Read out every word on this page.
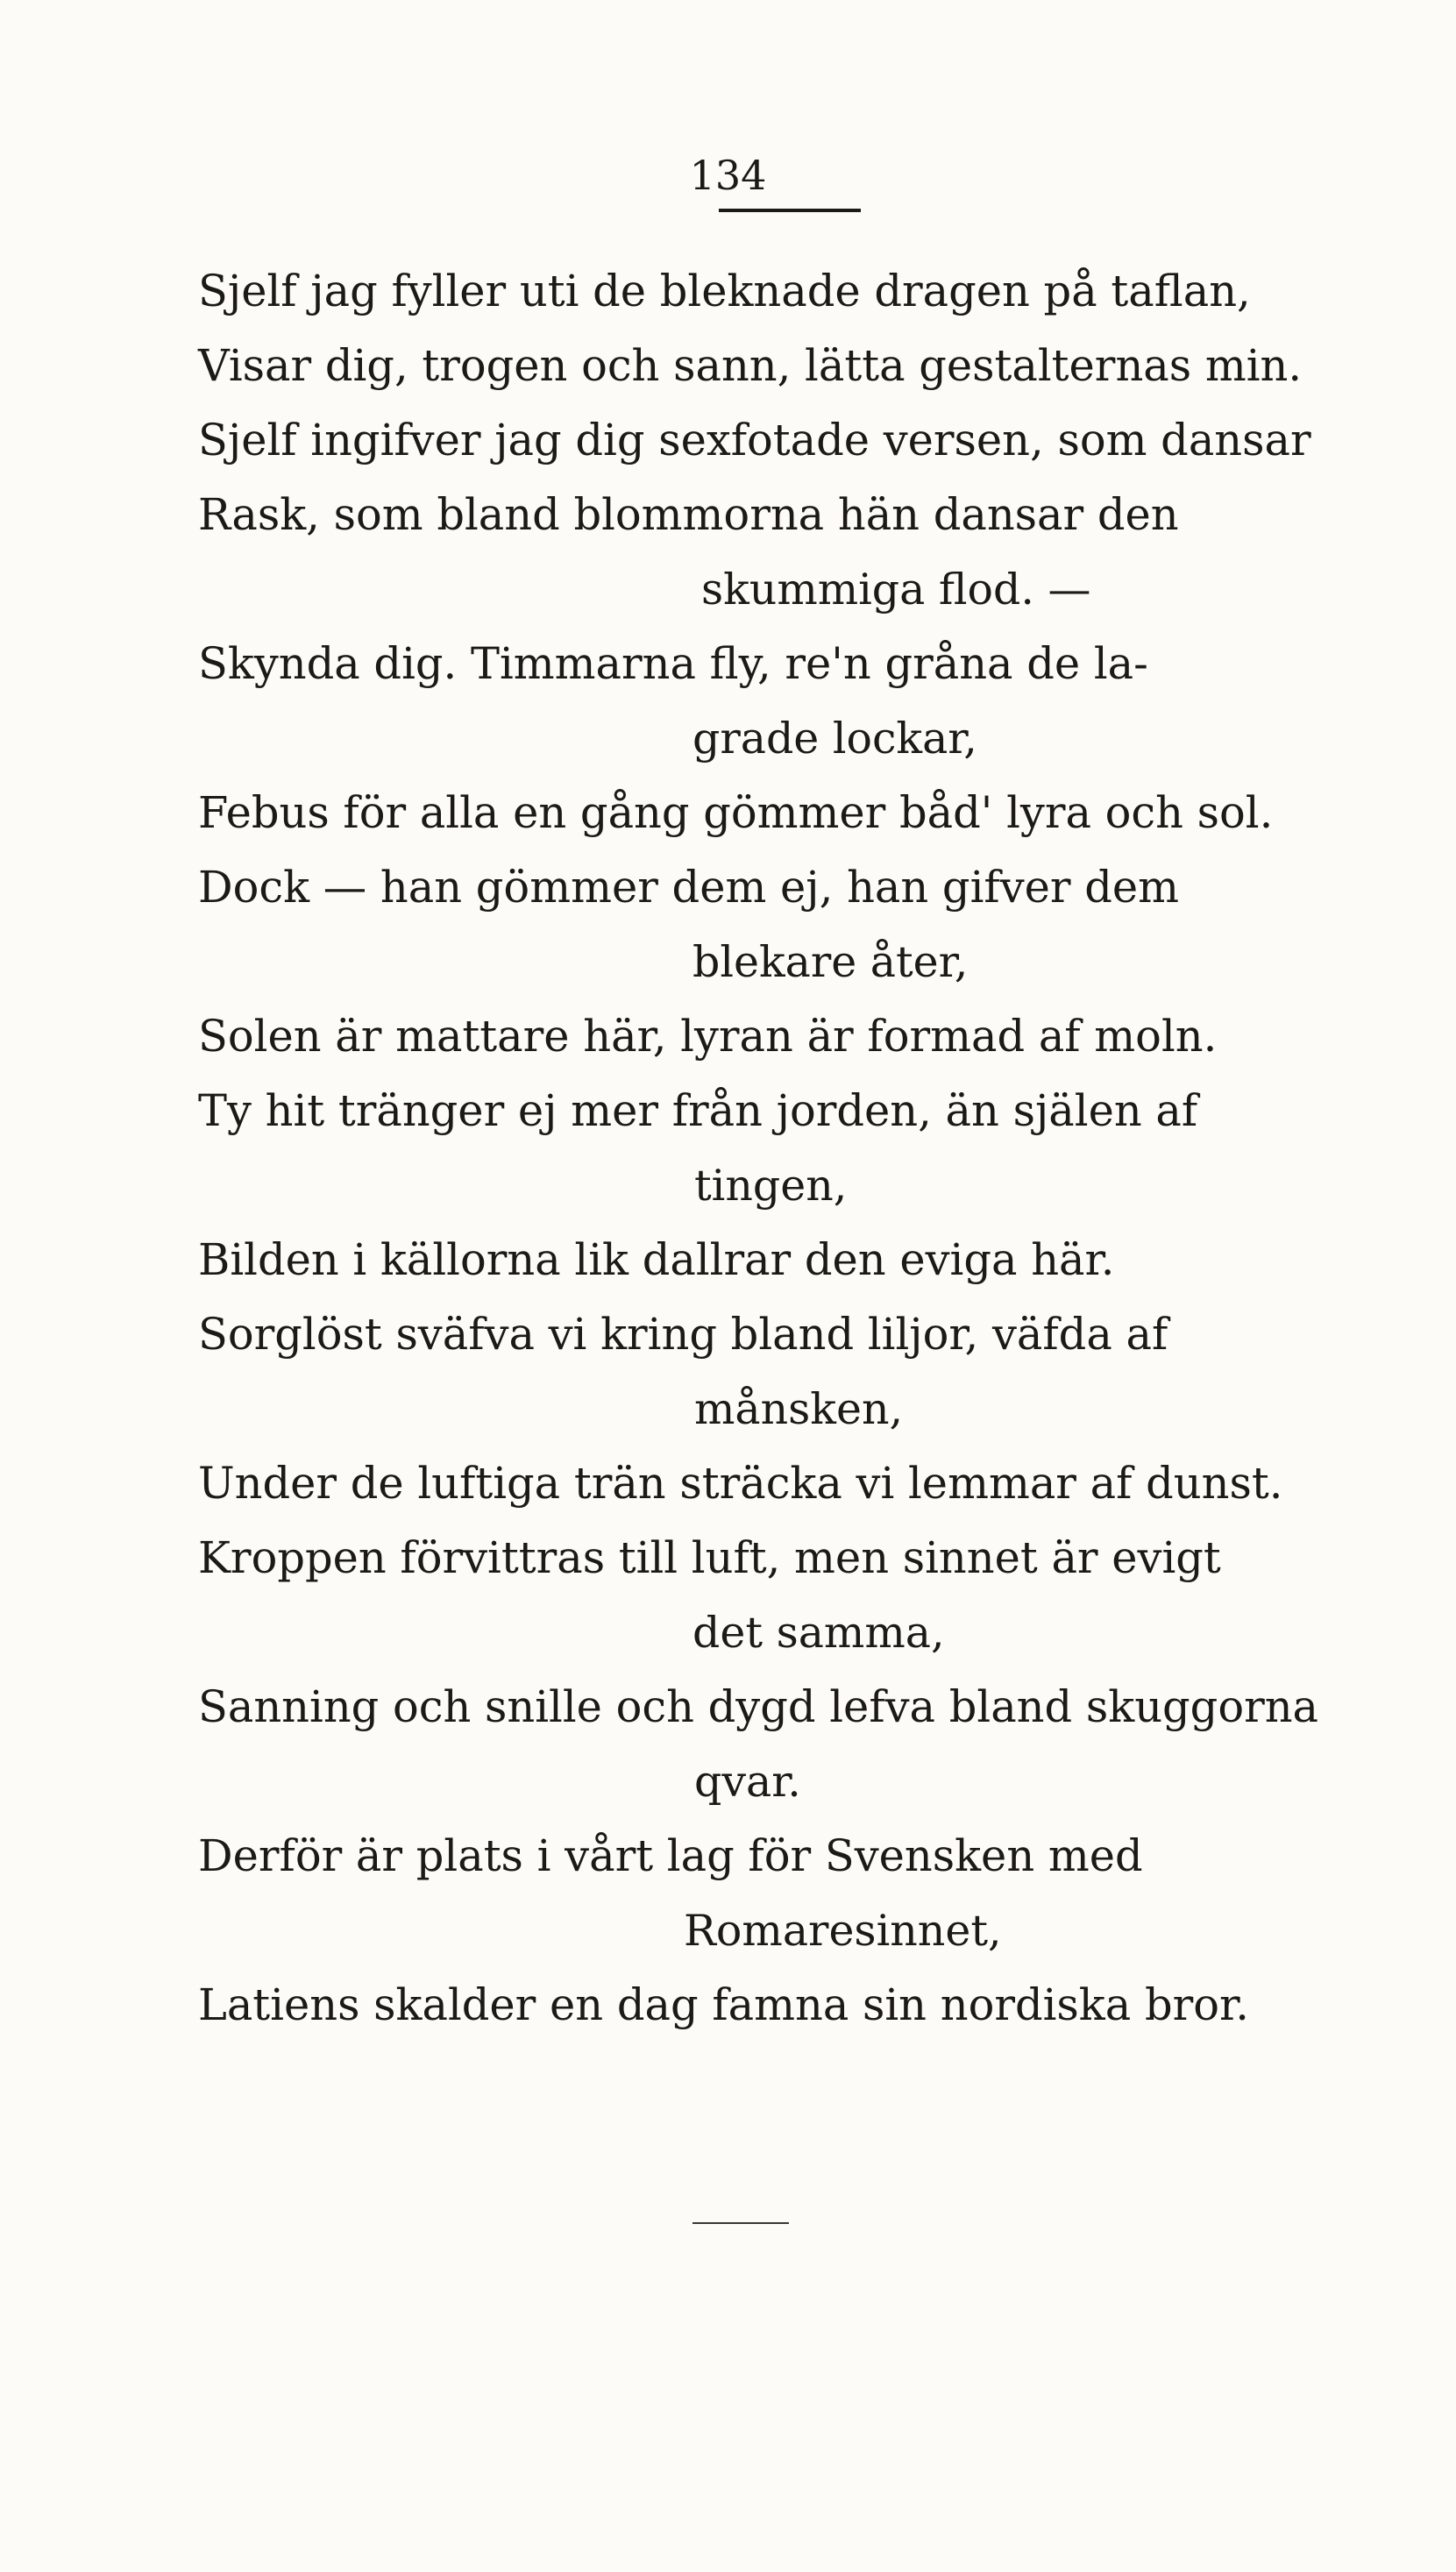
134
Sjelf jag fyller uti de bleknade dragen på taflan,
Visar dig, trogen och sann, lätta gestalternas min.
Sjelf ingifver jag dig sexfotade versen, som dansar
Rask, som bland blommorna hän dansar den
skummiga flod. —
Skynda dig. Timmarna fly, re'n gråna de la-
grade lockar,
Febus för alla en gång gömmer båd' lyra och sol.
Dock — han gömmer dem ej, han gifver dem
blekare åter,
Solen är mattare här, lyran är formad af moln.
Ty hit tränger ej mer från jorden, än själen af
tingen,
Bilden i källorna lik dallrar den eviga här.
Sorglöst sväfva vi kring bland liljor, väfda af
månsken,
Under de luftiga trän sträcka vi lemmar af dunst.
Kroppen förvittras till luft, men sinnet är evigt
det samma,
Sanning och snille och dygd lefva bland skuggorna
qvar.
Derför är plats i vårt lag för Svensken med
Romaresinnet,
Latiens skalder en dag famna sin nordiska bror.
